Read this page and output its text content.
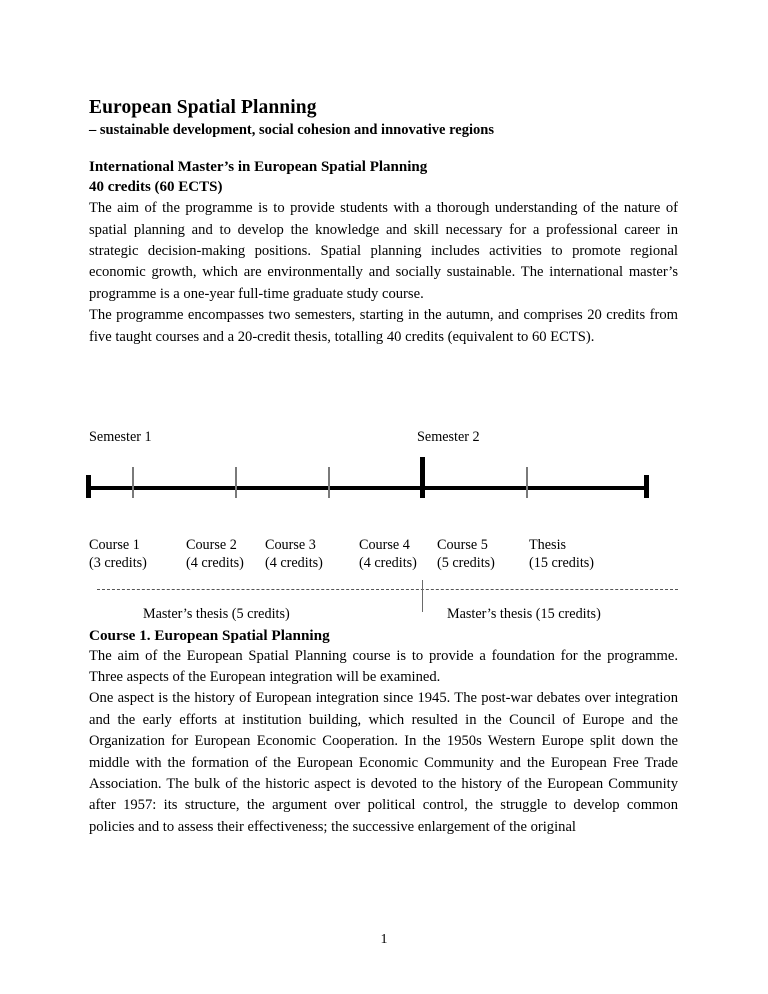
European Spatial Planning
– sustainable development, social cohesion and innovative regions
International Master’s in European Spatial Planning
40 credits (60 ECTS)

The aim of the programme is to provide students with a thorough understanding of the nature of spatial planning and to develop the knowledge and skill necessary for a professional career in strategic decision-making positions. Spatial planning includes activities to promote regional economic growth, which are environmentally and socially sustainable. The international master’s programme is a one-year full-time graduate study course.

The programme encompasses two semesters, starting in the autumn, and comprises 20 credits from five taught courses and a 20-credit thesis, totalling 40 credits (equivalent to 60 ECTS).

Course 1. European Spatial Planning

The aim of the European Spatial Planning course is to provide a foundation for the programme. Three aspects of the European integration will be examined.

One aspect is the history of European integration since 1945. The post-war debates over integration and the early efforts at institution building, which resulted in the Council of Europe and the Organization for European Economic Cooperation. In the 1950s Western Europe split down the middle with the formation of the European Economic Community and the European Free Trade Association. The bulk of the historic aspect is devoted to the history of the European Community after 1957: its structure, the argument over political control, the struggle to develop common policies and to assess their effectiveness; the successive enlargement of the original

Semester 1	Semester 2
Course 1
(3 credits)
Course 2
(4 credits)
Course 3
(4 credits)
Course 4
(4 credits)
Course 5
(5 credits)
Thesis
(15 credits)
Master’s thesis (5 credits)	Master’s thesis (15 credits)
1
